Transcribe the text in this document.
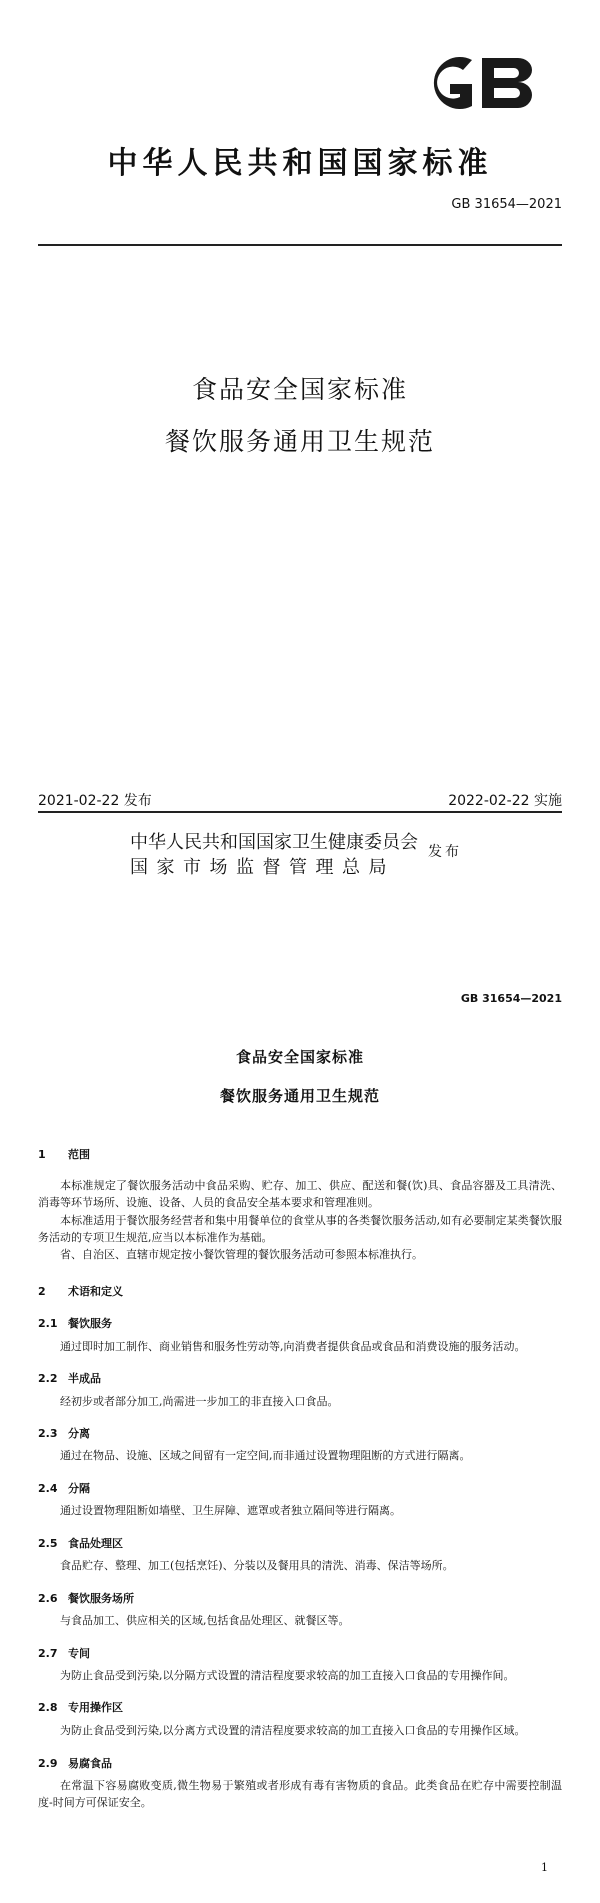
中华人民共和国国家标准
GB 31654—2021
食品安全国家标准
餐饮服务通用卫生规范
2021-02-22 发布	2022-02-22 实施
中华人民共和国国家卫生健康委员会
国家市场监督管理总局
发布
GB 31654—2021
食品安全国家标准
餐饮服务通用卫生规范
1 范围

本标准规定了餐饮服务活动中食品采购、贮存、加工、供应、配送和餐(饮)具、食品容器及工具清洗、消毒等环节场所、设施、设备、人员的食品安全基本要求和管理准则。

本标准适用于餐饮服务经营者和集中用餐单位的食堂从事的各类餐饮服务活动,如有必要制定某类餐饮服务活动的专项卫生规范,应当以本标准作为基础。

省、自治区、直辖市规定按小餐饮管理的餐饮服务活动可参照本标准执行。

2 术语和定义
2.1 餐饮服务

通过即时加工制作、商业销售和服务性劳动等,向消费者提供食品或食品和消费设施的服务活动。

2.2 半成品

经初步或者部分加工,尚需进一步加工的非直接入口食品。

2.3 分离

通过在物品、设施、区域之间留有一定空间,而非通过设置物理阻断的方式进行隔离。

2.4 分隔

通过设置物理阻断如墙壁、卫生屏障、遮罩或者独立隔间等进行隔离。

2.5 食品处理区

食品贮存、整理、加工(包括烹饪)、分装以及餐用具的清洗、消毒、保洁等场所。

2.6 餐饮服务场所

与食品加工、供应相关的区域,包括食品处理区、就餐区等。

2.7 专间

为防止食品受到污染,以分隔方式设置的清洁程度要求较高的加工直接入口食品的专用操作间。

2.8 专用操作区

为防止食品受到污染,以分离方式设置的清洁程度要求较高的加工直接入口食品的专用操作区域。

2.9 易腐食品

在常温下容易腐败变质,微生物易于繁殖或者形成有毒有害物质的食品。此类食品在贮存中需要控制温度-时间方可保证安全。

1
